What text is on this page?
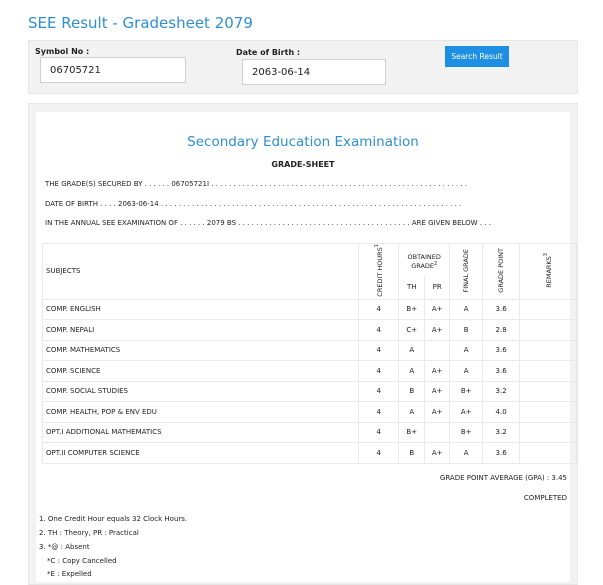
SEE Result - Gradesheet 2079
Symbol No :
06705721	Date of Birth :
2063-06-14	Search Result
Secondary Education Examination
GRADE-SHEET
THE GRADE(S) SECURED BY . . . . . . 06705721I . . . . . . . . . . . . . . . . . . . . . . . . . . . . . . . . . . . . . . . . . . . . . . . . . . . . . . . . . .
DATE OF BIRTH . . . . 2063-06-14 . . . . . . . . . . . . . . . . . . . . . . . . . . . . . . . . . . . . . . . . . . . . . . . . . . . . . . . . . . . . . . . . . . . .
IN THE ANNUAL SEE EXAMINATION OF . . . . . . 2079 BS . . . . . . . . . . . . . . . . . . . . . . . . . . . . . . . . . . . . . . . ARE GIVEN BELOW . . .
SUBJECTS	CREDIT HOURS$^1$	OBTAINED GRADE$^2$		FINAL GRADE	GRADE POINT	REMARKS$^3$
		TH	PR			
COMP. ENGLISH	4	B+	A+	A	3.6	
COMP. NEPALI	4	C+	A+	B	2.8	
COMP. MATHEMATICS	4	A		A	3.6	
COMP. SCIENCE	4	A	A+	A	3.6	
COMP. SOCIAL STUDIES	4	B	A+	B+	3.2	
COMP. HEALTH, POP & ENV EDU	4	A	A+	A+	4.0	
OPT.I ADDITIONAL MATHEMATICS	4	B+		B+	3.2	
OPT.II COMPUTER SCIENCE	4	B	A+	A	3.6	
GRADE POINT AVERAGE (GPA) : 3.45
COMPLETED
1. One Credit Hour equals 32 Clock Hours.
2. TH : Theory, PR : Practical
3. *@ : Absent
*C : Copy Cancelled
*E : Expelled
